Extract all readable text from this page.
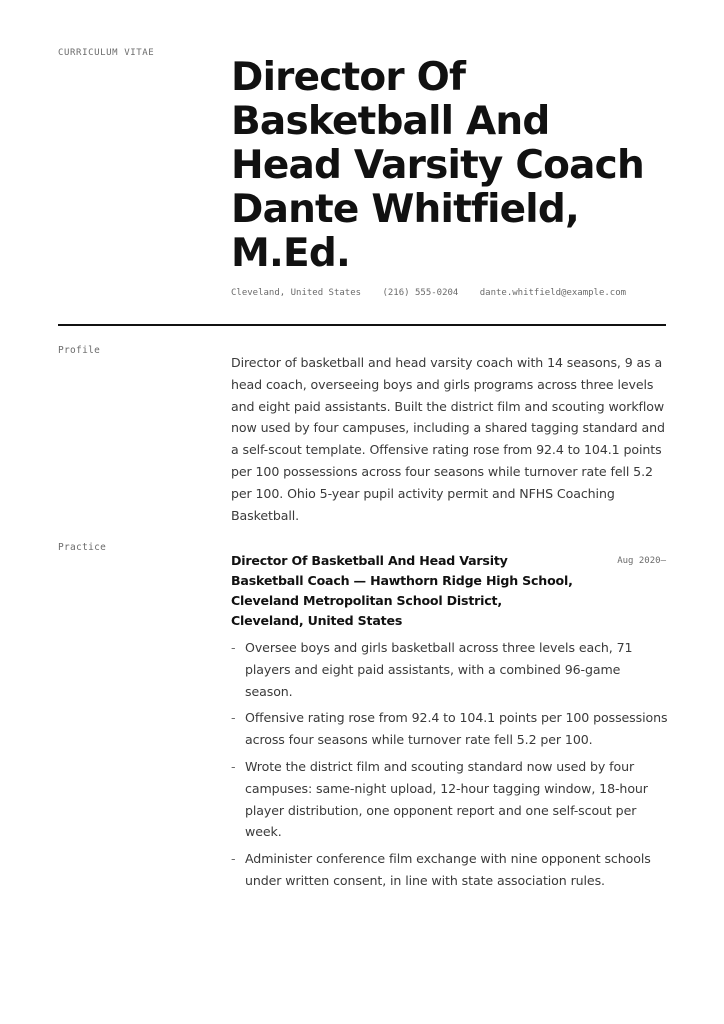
CURRICULUM VITAE
Director Of Basketball And Head Varsity Coach Dante Whitfield, M.Ed.
Cleveland, United States (216) 555-0204 dante.whitfield@example.com
Profile

Director of basketball and head varsity coach with 14 seasons, 9 as a head coach, overseeing boys and girls programs across three levels and eight paid assistants. Built the district film and scouting workflow now used by four campuses, including a shared tagging standard and a self-scout template. Offensive rating rose from 92.4 to 104.1 points per 100 possessions across four seasons while turnover rate fell 5.2 per 100. Ohio 5-year pupil activity permit and NFHS Coaching Basketball.

Practice
Director Of Basketball And Head Varsity Basketball Coach — Hawthorn Ridge High School, Cleveland Metropolitan School District, Cleveland, United States
Aug 2020–
- Oversee boys and girls basketball across three levels each, 71 players and eight paid assistants, with a combined 96-game season.
- Offensive rating rose from 92.4 to 104.1 points per 100 possessions across four seasons while turnover rate fell 5.2 per 100.
- Wrote the district film and scouting standard now used by four campuses: same-night upload, 12-hour tagging window, 18-hour player distribution, one opponent report and one self-scout per week.
- Administer conference film exchange with nine opponent schools under written consent, in line with state association rules.
